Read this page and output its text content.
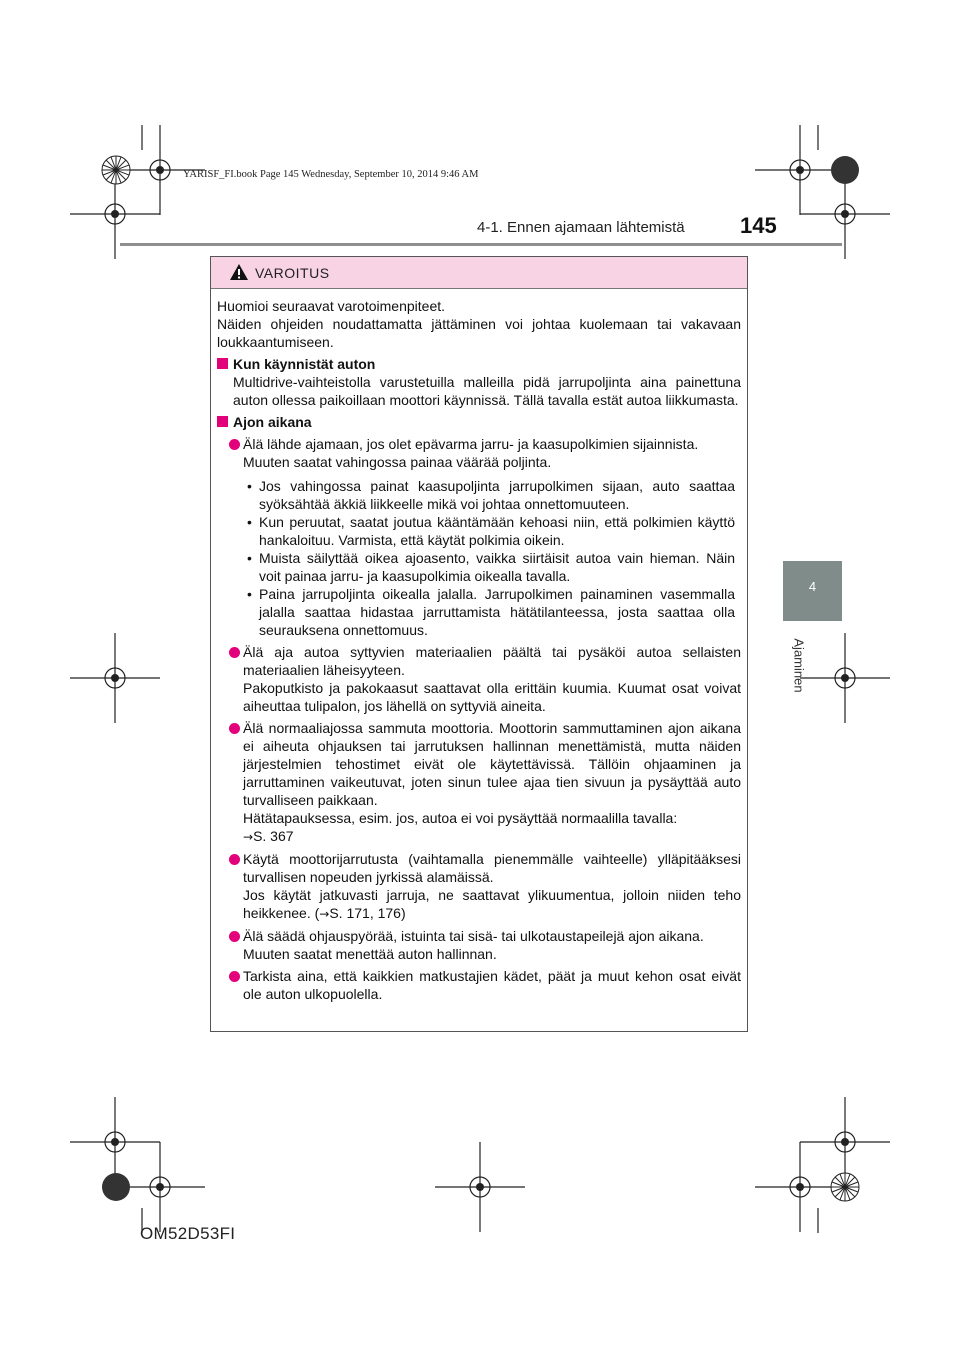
YARISF_FI.book Page 145 Wednesday, September 10, 2014 9:46 AM
4-1. Ennen ajamaan lähtemistä	145
4
Ajaminen
VAROITUS
Huomioi seuraavat varotoimenpiteet.
Näiden ohjeiden noudattamatta jättäminen voi johtaa kuolemaan tai vakavaan loukkaantumiseen.
Kun käynnistät auton
Multidrive-vaihteistolla varustetuilla malleilla pidä jarrupoljinta aina painettuna auton ollessa paikoillaan moottori käynnissä. Tällä tavalla estät autoa liikkumasta.
Ajon aikana
Älä lähde ajamaan, jos olet epävarma jarru- ja kaasupolkimien sijainnista.
Muuten saatat vahingossa painaa väärää poljinta.
• Jos vahingossa painat kaasupoljinta jarrupolkimen sijaan, auto saattaa syöksähtää äkkiä liikkeelle mikä voi johtaa onnettomuuteen.
• Kun peruutat, saatat joutua kääntämään kehoasi niin, että polkimien käyttö hankaloituu. Varmista, että käytät polkimia oikein.
• Muista säilyttää oikea ajoasento, vaikka siirtäisit autoa vain hieman. Näin voit painaa jarru- ja kaasupolkimia oikealla tavalla.
• Paina jarrupoljinta oikealla jalalla. Jarrupolkimen painaminen vasemmalla jalalla saattaa hidastaa jarruttamista hätätilanteessa, josta saattaa olla seurauksena onnettomuus.
Älä aja autoa syttyvien materiaalien päältä tai pysäköi autoa sellaisten materiaalien läheisyyteen.
Pakoputkisto ja pakokaasut saattavat olla erittäin kuumia. Kuumat osat voivat aiheuttaa tulipalon, jos lähellä on syttyviä aineita.
Älä normaaliajossa sammuta moottoria. Moottorin sammuttaminen ajon aikana ei aiheuta ohjauksen tai jarrutuksen hallinnan menettämistä, mutta näiden järjestelmien tehostimet eivät ole käytettävissä. Tällöin ohjaaminen ja jarruttaminen vaikeutuvat, joten sinun tulee ajaa tien sivuun ja pysäyttää auto turvalliseen paikkaan.
Hätätapauksessa, esim. jos, autoa ei voi pysäyttää normaalilla tavalla:
→S. 367
Käytä moottorijarrutusta (vaihtamalla pienemmälle vaihteelle) ylläpitääksesi turvallisen nopeuden jyrkissä alamäissä.
Jos käytät jatkuvasti jarruja, ne saattavat ylikuumentua, jolloin niiden teho heikkenee. (→S. 171, 176)
Älä säädä ohjauspyörää, istuinta tai sisä- tai ulkotaustapeilejä ajon aikana.
Muuten saatat menettää auton hallinnan.
Tarkista aina, että kaikkien matkustajien kädet, päät ja muut kehon osat eivät ole auton ulkopuolella.
OM52D53FI
